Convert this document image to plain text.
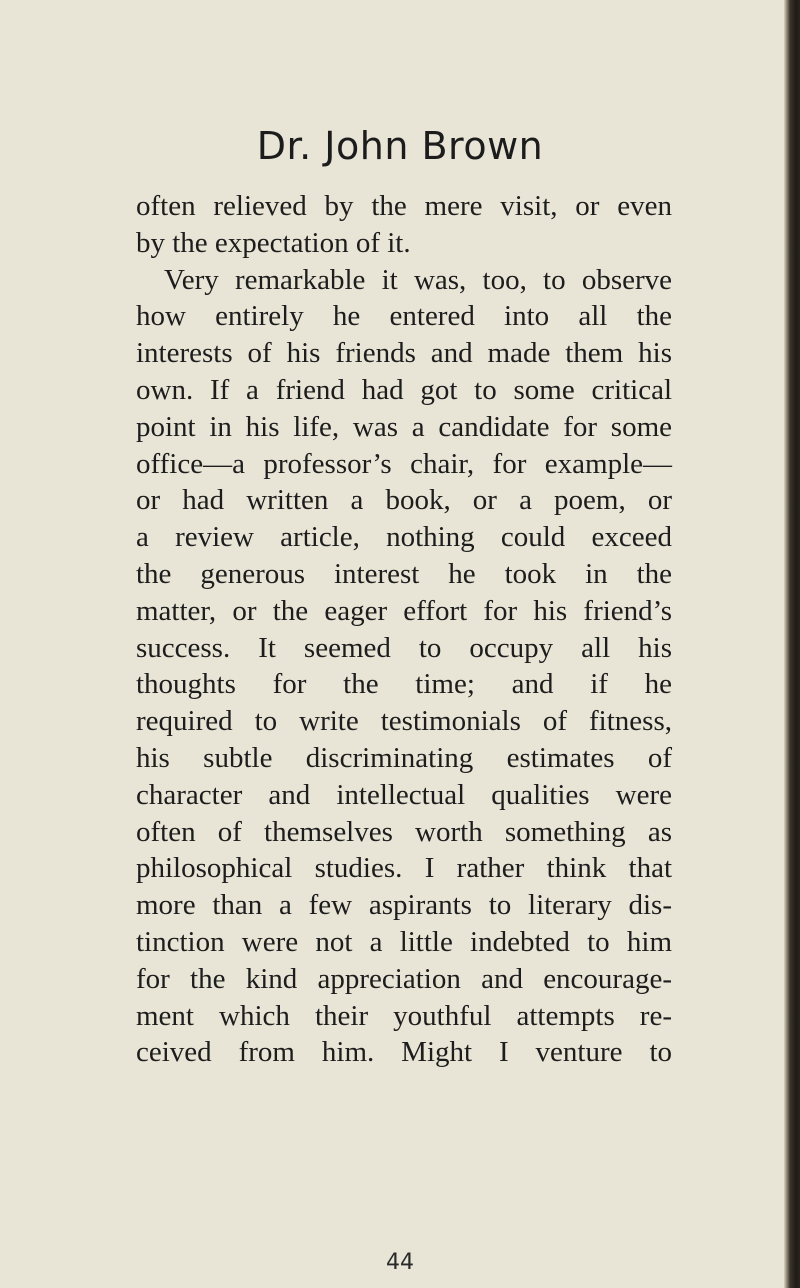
Dr. John Brown
often relieved by the mere visit, or even
by the expectation of it.
Very remarkable it was, too, to observe
how entirely he entered into all the
interests of his friends and made them his
own. If a friend had got to some critical
point in his life, was a candidate for some
office—a professor’s chair, for example—
or had written a book, or a poem, or
a review article, nothing could exceed
the generous interest he took in the
matter, or the eager effort for his friend’s
success. It seemed to occupy all his
thoughts for the time; and if he
required to write testimonials of fitness,
his subtle discriminating estimates of
character and intellectual qualities were
often of themselves worth something as
philosophical studies. I rather think that
more than a few aspirants to literary dis-
tinction were not a little indebted to him
for the kind appreciation and encourage-
ment which their youthful attempts re-
ceived from him. Might I venture to
44
